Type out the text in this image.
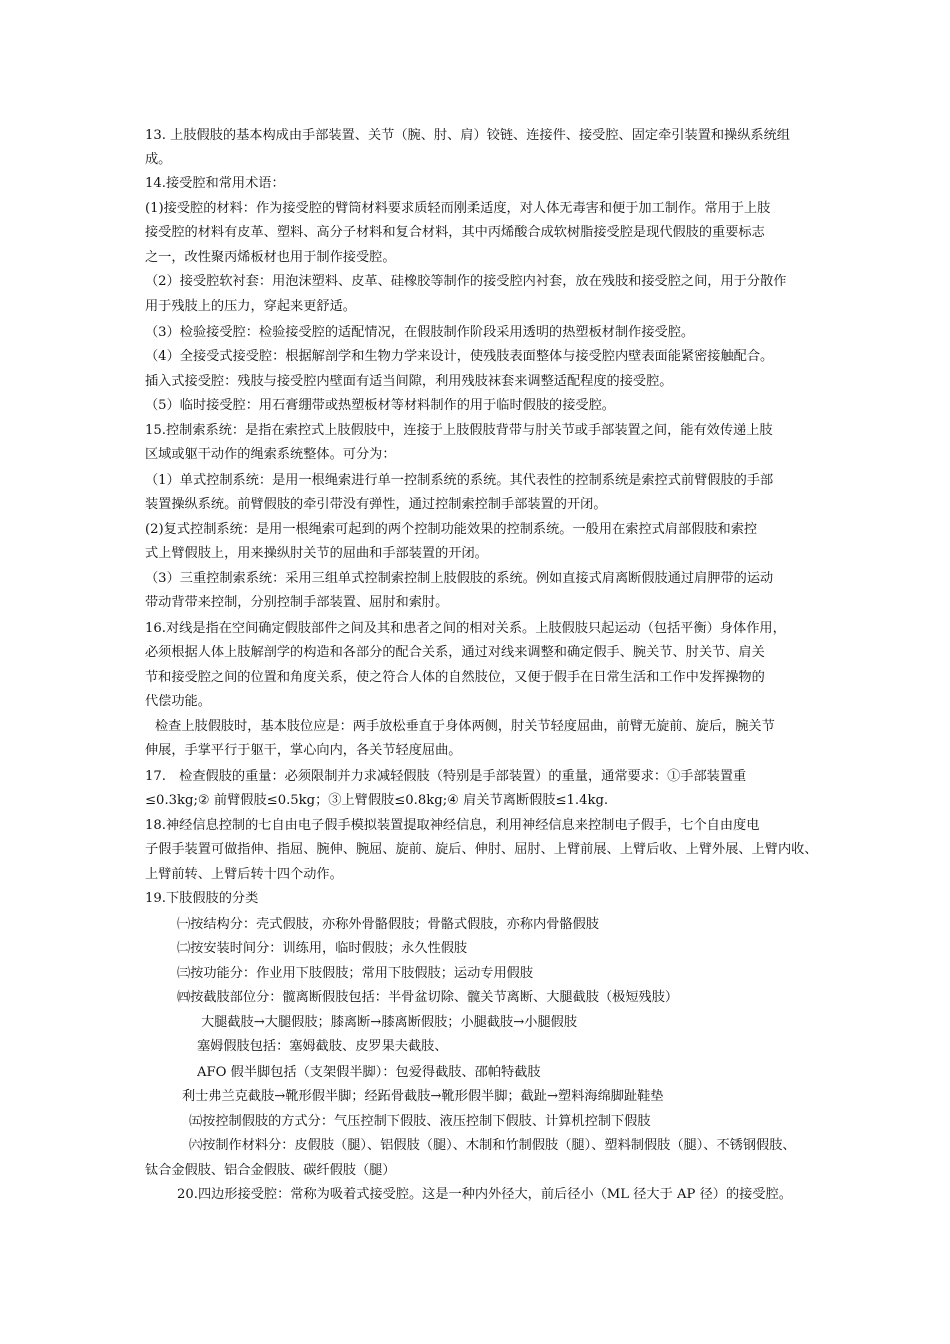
13. 上肢假肢的基本构成由手部装置、关节（腕、肘、肩）铰链、连接件、接受腔、固定牵引装置和操纵系统组
成。
14.接受腔和常用术语：
(1)接受腔的材料：作为接受腔的臂筒材料要求质轻而刚柔适度，对人体无毒害和便于加工制作。常用于上肢
接受腔的材料有皮革、塑料、高分子材料和复合材料，其中丙烯酸合成软树脂接受腔是现代假肢的重要标志
之一，改性聚丙烯板材也用于制作接受腔。
（2）接受腔软衬套：用泡沫塑料、皮革、硅橡胶等制作的接受腔内衬套，放在残肢和接受腔之间，用于分散作
用于残肢上的压力，穿起来更舒适。
（3）检验接受腔：检验接受腔的适配情况，在假肢制作阶段采用透明的热塑板材制作接受腔。
（4）全接受式接受腔：根据解剖学和生物力学来设计，使残肢表面整体与接受腔内壁表面能紧密接触配合。
插入式接受腔：残肢与接受腔内壁面有适当间隙，利用残肢袜套来调整适配程度的接受腔。
（5）临时接受腔：用石膏绷带或热塑板材等材料制作的用于临时假肢的接受腔。
15.控制索系统：是指在索控式上肢假肢中，连接于上肢假肢背带与肘关节或手部装置之间，能有效传递上肢
区域或躯干动作的绳索系统整体。可分为：
（1）单式控制系统：是用一根绳索进行单一控制系统的系统。其代表性的控制系统是索控式前臂假肢的手部
装置操纵系统。前臂假肢的牵引带没有弹性，通过控制索控制手部装置的开闭。
(2)复式控制系统：是用一根绳索可起到的两个控制功能效果的控制系统。一般用在索控式肩部假肢和索控
式上臂假肢上，用来操纵肘关节的屈曲和手部装置的开闭。
（3）三重控制索系统：采用三组单式控制索控制上肢假肢的系统。例如直接式肩离断假肢通过肩胛带的运动
带动背带来控制，分别控制手部装置、屈肘和索肘。
16.对线是指在空间确定假肢部件之间及其和患者之间的相对关系。上肢假肢只起运动（包括平衡）身体作用，
必须根据人体上肢解剖学的构造和各部分的配合关系，通过对线来调整和确定假手、腕关节、肘关节、肩关
节和接受腔之间的位置和角度关系，使之符合人体的自然肢位，又便于假手在日常生活和工作中发挥操物的
代偿功能。
检查上肢假肢时，基本肢位应是：两手放松垂直于身体两侧，肘关节轻度屈曲，前臂无旋前、旋后，腕关节
伸展，手掌平行于躯干，掌心向内，各关节轻度屈曲。
17.　检查假肢的重量：必须限制并力求减轻假肢（特别是手部装置）的重量，通常要求：①手部装置重
≤0.3kg;② 前臂假肢≤0.5kg；③上臂假肢≤0.8kg;④ 肩关节离断假肢≤1.4kg.
18.神经信息控制的七自由电子假手模拟装置提取神经信息，利用神经信息来控制电子假手，七个自由度电
子假手装置可做指伸、指屈、腕伸、腕屈、旋前、旋后、伸肘、屈肘、上臂前展、上臂后收、上臂外展、上臂内收、
上臂前转、上臂后转十四个动作。
19.下肢假肢的分类
㈠按结构分：壳式假肢，亦称外骨骼假肢；骨骼式假肢，亦称内骨骼假肢
㈡按安装时间分：训练用，临时假肢；永久性假肢
㈢按功能分：作业用下肢假肢；常用下肢假肢；运动专用假肢
㈣按截肢部位分：髋离断假肢包括：半骨盆切除、髋关节离断、大腿截肢（极短残肢）
大腿截肢→大腿假肢；膝离断→膝离断假肢；小腿截肢→小腿假肢
塞姆假肢包括：塞姆截肢、皮罗果夫截肢、
AFO 假半脚包括（支架假半脚）：包爱得截肢、邵帕特截肢
利士弗兰克截肢→靴形假半脚；经跖骨截肢→靴形假半脚；截趾→塑料海绵脚趾鞋垫
㈤按控制假肢的方式分：气压控制下假肢、液压控制下假肢、计算机控制下假肢
㈥按制作材料分：皮假肢（腿）、铝假肢（腿）、木制和竹制假肢（腿）、塑料制假肢（腿）、不锈钢假肢、
钛合金假肢、铝合金假肢、碳纤假肢（腿）
20.四边形接受腔：常称为吸着式接受腔。这是一种内外径大，前后径小（ML 径大于 AP 径）的接受腔。
